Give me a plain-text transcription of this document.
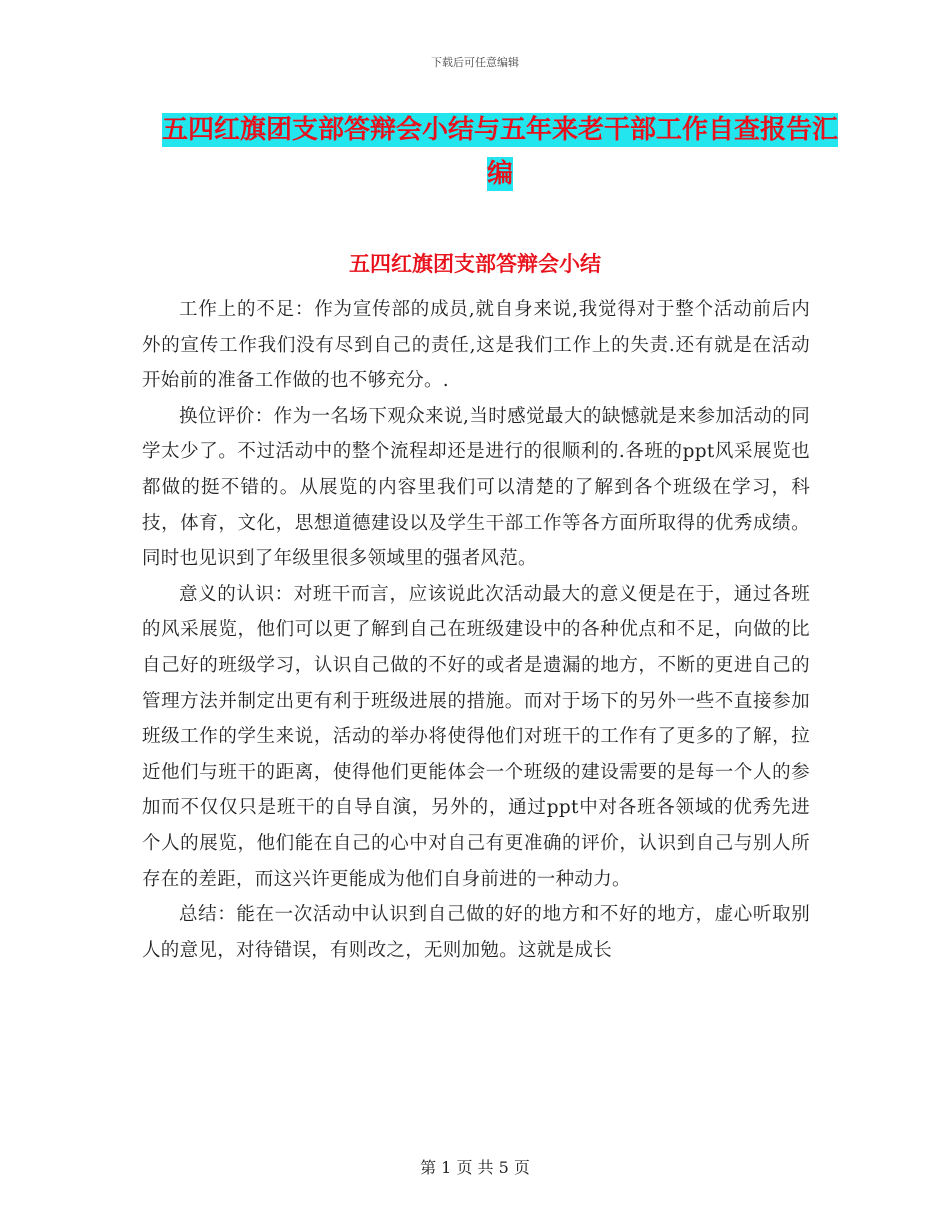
下载后可任意编辑
五四红旗团支部答辩会小结与五年来老干部工作自查报告汇编
五四红旗团支部答辩会小结

工作上的不足：作为宣传部的成员,就自身来说,我觉得对于整个活动前后内外的宣传工作我们没有尽到自己的责任,这是我们工作上的失责.还有就是在活动开始前的准备工作做的也不够充分。.

换位评价：作为一名场下观众来说,当时感觉最大的缺憾就是来参加活动的同学太少了。不过活动中的整个流程却还是进行的很顺利的.各班的ppt风采展览也都做的挺不错的。从展览的内容里我们可以清楚的了解到各个班级在学习，科技，体育，文化，思想道德建设以及学生干部工作等各方面所取得的优秀成绩。同时也见识到了年级里很多领域里的强者风范。

意义的认识：对班干而言，应该说此次活动最大的意义便是在于，通过各班的风采展览，他们可以更了解到自己在班级建设中的各种优点和不足，向做的比自己好的班级学习，认识自己做的不好的或者是遗漏的地方，不断的更进自己的管理方法并制定出更有利于班级进展的措施。而对于场下的另外一些不直接参加班级工作的学生来说，活动的举办将使得他们对班干的工作有了更多的了解，拉近他们与班干的距离，使得他们更能体会一个班级的建设需要的是每一个人的参加而不仅仅只是班干的自导自演，另外的，通过ppt中对各班各领域的优秀先进个人的展览，他们能在自己的心中对自己有更准确的评价，认识到自己与别人所存在的差距，而这兴许更能成为他们自身前进的一种动力。

总结：能在一次活动中认识到自己做的好的地方和不好的地方，虚心听取别人的意见，对待错误，有则改之，无则加勉。这就是成长

第 1 页 共 5 页
